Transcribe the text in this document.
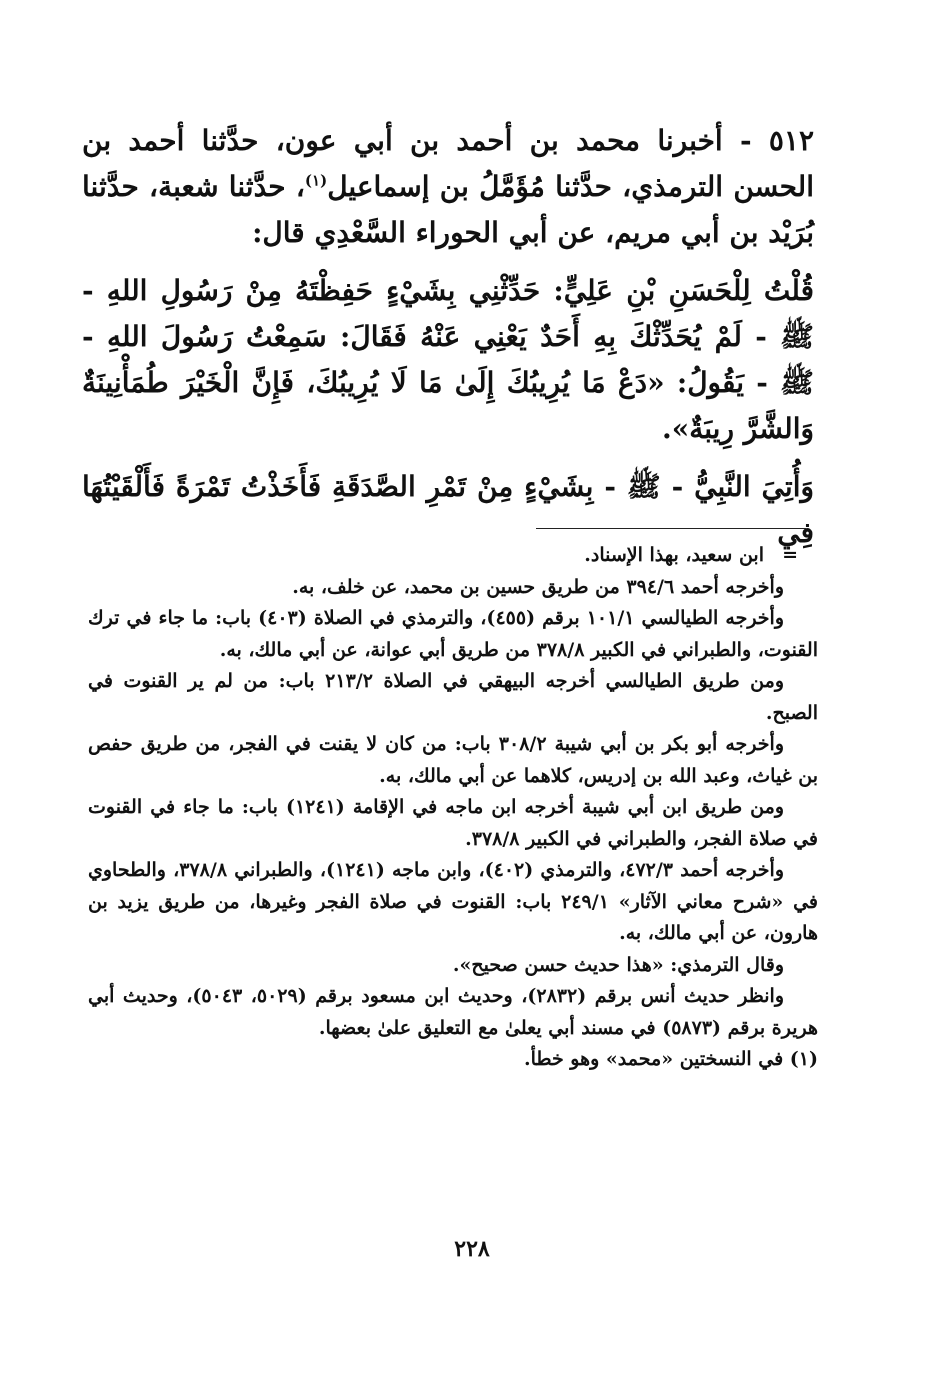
٥١٢ - أخبرنا محمد بن أحمد بن أبي عون، حدَّثنا أحمد بن الحسن الترمذي، حدَّثنا مُؤَمَّلُ بن إسماعيل$^{(١)}$، حدَّثنا شعبة، حدَّثنا بُرَيْد بن أبي مريم، عن أبي الحوراء السَّعْدِي قال:

قُلْتُ لِلْحَسَنِ بْنِ عَلِيٍّ: حَدِّثْنِي بِشَيْءٍ حَفِظْتَهُ مِنْ رَسُولِ اللهِ - ﷺ - لَمْ يُحَدِّثْكَ بِهِ أَحَدٌ يَعْنِي عَنْهُ فَقَالَ: سَمِعْتُ رَسُولَ اللهِ - ﷺ - يَقُولُ: «دَعْ مَا يُرِيبُكَ إِلَىٰ مَا لَا يُرِيبُكَ، فَإِنَّ الْخَيْرَ طُمَأْنِينَةٌ وَالشَّرَّ رِيبَةٌ».

وَأُتِيَ النَّبِيُّ - ﷺ - بِشَيْءٍ مِنْ تَمْرِ الصَّدَقَةِ فَأَخَذْتُ تَمْرَةً فَأَلْقَيْتُهَا فِي

=ابن سعيد، بهذا الإسناد.

وأخرجه أحمد ٣٩٤/٦ من طريق حسين بن محمد، عن خلف، به.

وأخرجه الطيالسي ١٠١/١ برقم (٤٥٥)، والترمذي في الصلاة (٤٠٣) باب: ما جاء في ترك القنوت، والطبراني في الكبير ٣٧٨/٨ من طريق أبي عوانة، عن أبي مالك، به.

ومن طريق الطيالسي أخرجه البيهقي في الصلاة ٢١٣/٢ باب: من لم ير القنوت في الصبح.

وأخرجه أبو بكر بن أبي شيبة ٣٠٨/٢ باب: من كان لا يقنت في الفجر، من طريق حفص بن غياث، وعبد الله بن إدريس، كلاهما عن أبي مالك، به.

ومن طريق ابن أبي شيبة أخرجه ابن ماجه في الإقامة (١٢٤١) باب: ما جاء في القنوت في صلاة الفجر، والطبراني في الكبير ٣٧٨/٨.

وأخرجه أحمد ٤٧٢/٣، والترمذي (٤٠٢)، وابن ماجه (١٢٤١)، والطبراني ٣٧٨/٨، والطحاوي في «شرح معاني الآثار» ٢٤٩/١ باب: القنوت في صلاة الفجر وغيرها، من طريق يزيد بن هارون، عن أبي مالك، به.

وقال الترمذي: «هذا حديث حسن صحيح».

وانظر حديث أنس برقم (٢٨٣٢)، وحديث ابن مسعود برقم (٥٠٢٩، ٥٠٤٣)، وحديث أبي هريرة برقم (٥٨٧٣) في مسند أبي يعلىٰ مع التعليق علىٰ بعضها.

(١) في النسختين «محمد» وهو خطأ.

٢٢٨
